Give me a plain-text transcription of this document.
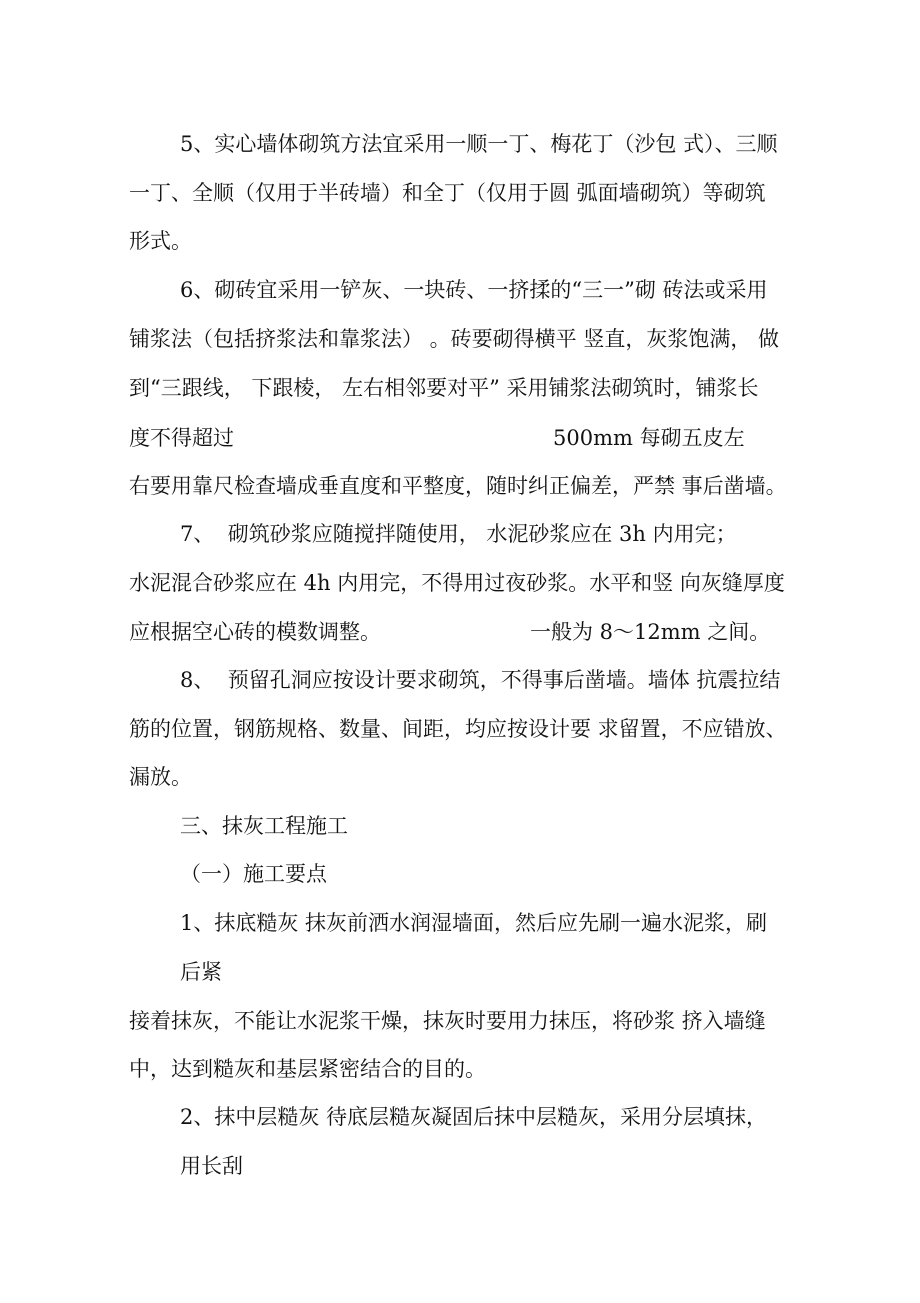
5、实心墙体砌筑方法宜采用一顺一丁、梅花丁（沙包 式）、三顺
一丁、全顺（仅用于半砖墙）和全丁（仅用于圆 弧面墙砌筑）等砌筑
形式。
6、砌砖宜采用一铲灰、一块砖、一挤揉的“三一”砌 砖法或采用
铺浆法（包括挤浆法和靠浆法） 。砖要砌得横平 竖直，灰浆饱满， 做
到“三跟线， 下跟棱， 左右相邻要对平” 采用铺浆法砌筑时，铺浆长
度不得超过	500mm 每砌五皮左
右要用靠尺检查墙成垂直度和平整度，随时纠正偏差，严禁 事后凿墙。
7、  砌筑砂浆应随搅拌随使用， 水泥砂浆应在 3h 内用完；
水泥混合砂浆应在 4h 内用完，不得用过夜砂浆。水平和竖 向灰缝厚度
应根据空心砖的模数调整。	一般为 8～12mm 之间。
8、  预留孔洞应按设计要求砌筑，不得事后凿墙。墙体 抗震拉结
筋的位置，钢筋规格、数量、间距，均应按设计要 求留置，不应错放、
漏放。
三、抹灰工程施工
（一）施工要点
1、抹底糙灰 抹灰前洒水润湿墙面，然后应先刷一遍水泥浆，刷
后紧
接着抹灰，不能让水泥浆干燥，抹灰时要用力抹压，将砂浆 挤入墙缝
中，达到糙灰和基层紧密结合的目的。
2、抹中层糙灰 待底层糙灰凝固后抹中层糙灰，采用分层填抹，
用长刮
